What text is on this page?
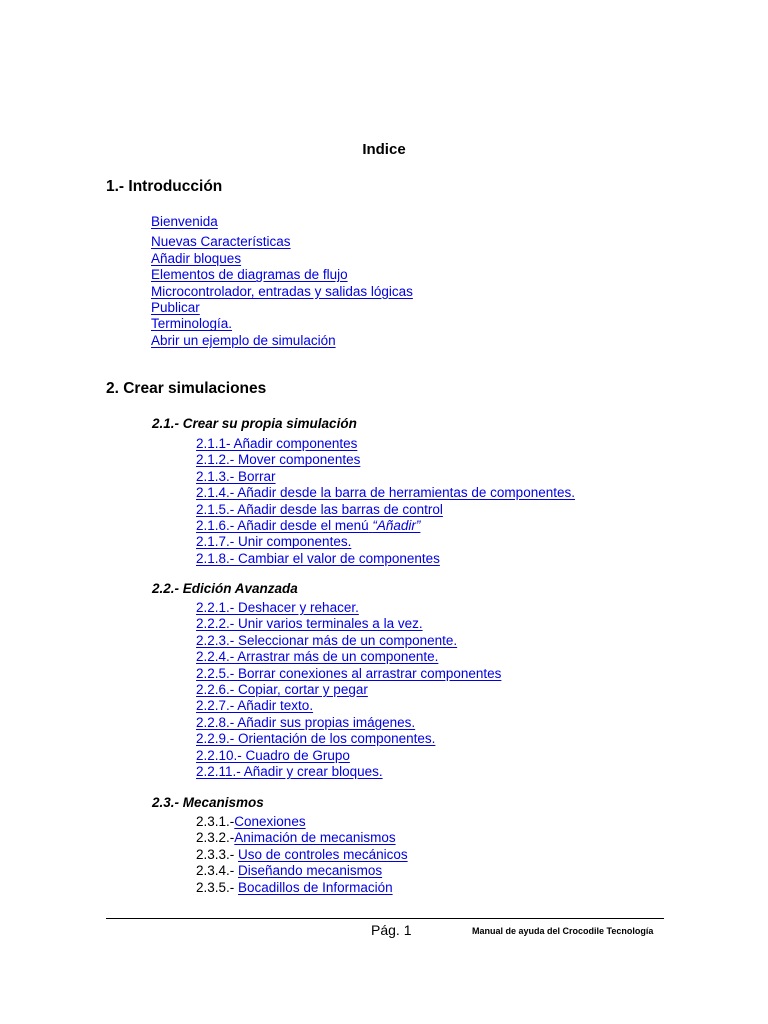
Indice
1.- Introducción
Bienvenida
Nuevas Características
Añadir bloques
Elementos de diagramas de flujo
Microcontrolador, entradas y salidas lógicas
Publicar
Terminología.
Abrir un ejemplo de simulación
2. Crear simulaciones
2.1.- Crear su propia simulación
2.1.1- Añadir componentes
2.1.2.- Mover componentes
2.1.3.- Borrar
2.1.4.- Añadir desde la barra de herramientas de componentes.
2.1.5.- Añadir desde las barras de control
2.1.6.- Añadir desde el menú “Añadir”
2.1.7.- Unir componentes.
2.1.8.- Cambiar el valor de componentes
2.2.- Edición Avanzada
2.2.1.- Deshacer y rehacer.
2.2.2.- Unir varios terminales a la vez.
2.2.3.- Seleccionar más de un componente.
2.2.4.- Arrastrar más de un componente.
2.2.5.- Borrar conexiones al arrastrar componentes
2.2.6.- Copiar, cortar y pegar
2.2.7.- Añadir texto.
2.2.8.- Añadir sus propias imágenes.
2.2.9.- Orientación de los componentes.
2.2.10.- Cuadro de Grupo
2.2.11.- Añadir y crear bloques.
2.3.- Mecanismos
2.3.1.-Conexiones
2.3.2.-Animación de mecanismos
2.3.3.- Uso de controles mecánicos
2.3.4.- Diseñando mecanismos
2.3.5.- Bocadillos de Información
Pág. 1	Manual de ayuda del Crocodile Tecnología
